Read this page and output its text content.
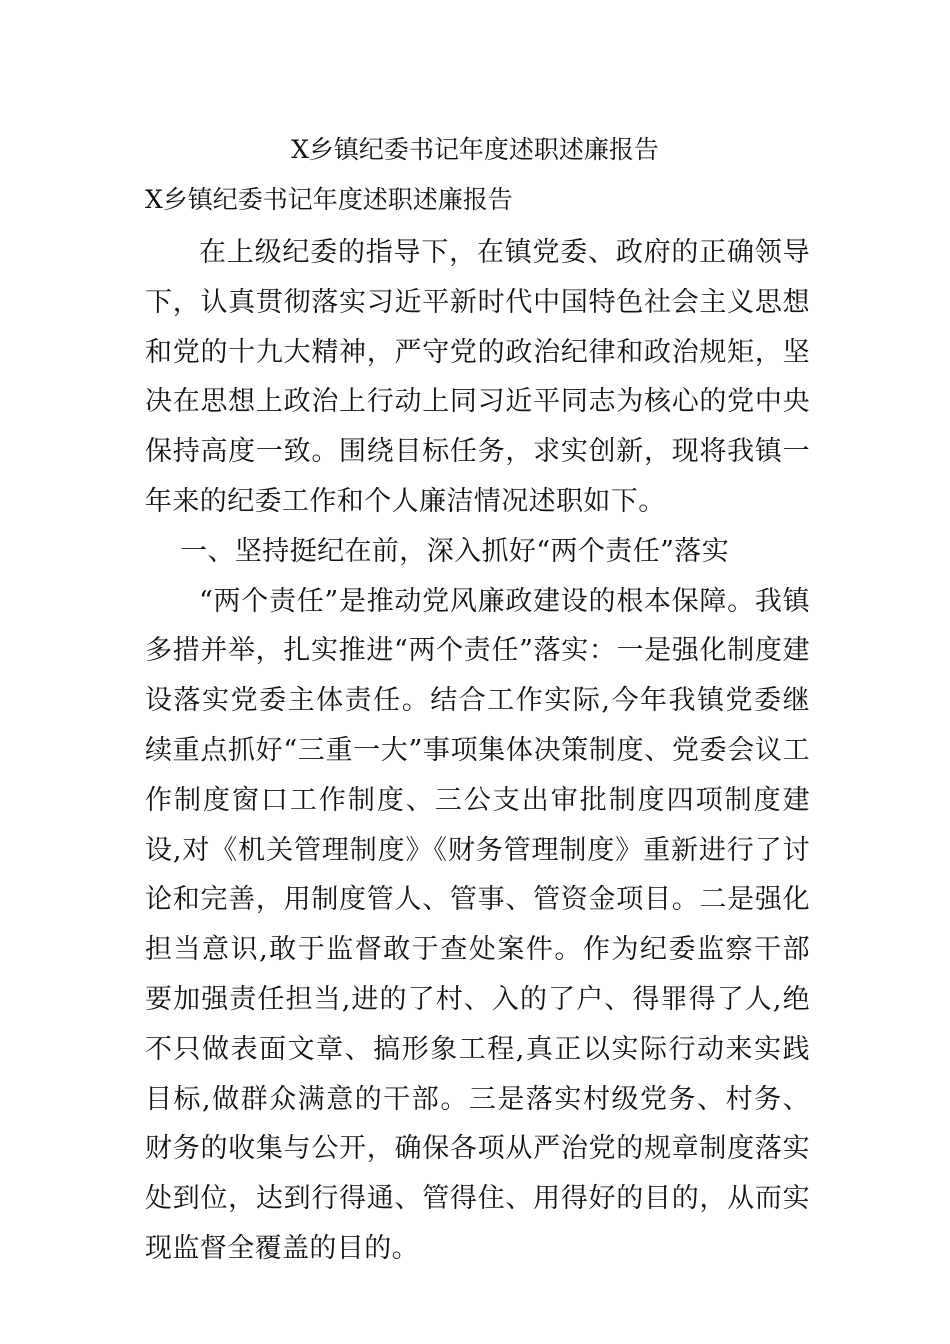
X乡镇纪委书记年度述职述廉报告
X乡镇纪委书记年度述职述廉报告

在上级纪委的指导下，在镇党委、政府的正确领导下，认真贯彻落实习近平新时代中国特色社会主义思想和党的十九大精神，严守党的政治纪律和政治规矩，坚决在思想上政治上行动上同习近平同志为核心的党中央保持高度一致。围绕目标任务，求实创新，现将我镇一年来的纪委工作和个人廉洁情况述职如下。

一、坚持挺纪在前，深入抓好“两个责任”落实

“两个责任”是推动党风廉政建设的根本保障。我镇多措并举，扎实推进“两个责任”落实：一是强化制度建设落实党委主体责任。结合工作实际,今年我镇党委继续重点抓好“三重一大”事项集体决策制度、党委会议工作制度窗口工作制度、三公支出审批制度四项制度建设,对《机关管理制度》《财务管理制度》重新进行了讨论和完善，用制度管人、管事、管资金项目。二是强化担当意识,敢于监督敢于查处案件。作为纪委监察干部要加强责任担当,进的了村、入的了户、得罪得了人,绝不只做表面文章、搞形象工程,真正以实际行动来实践目标,做群众满意的干部。三是落实村级党务、村务、财务的收集与公开，确保各项从严治党的规章制度落实处到位，达到行得通、管得住、用得好的目的，从而实现监督全覆盖的目的。
